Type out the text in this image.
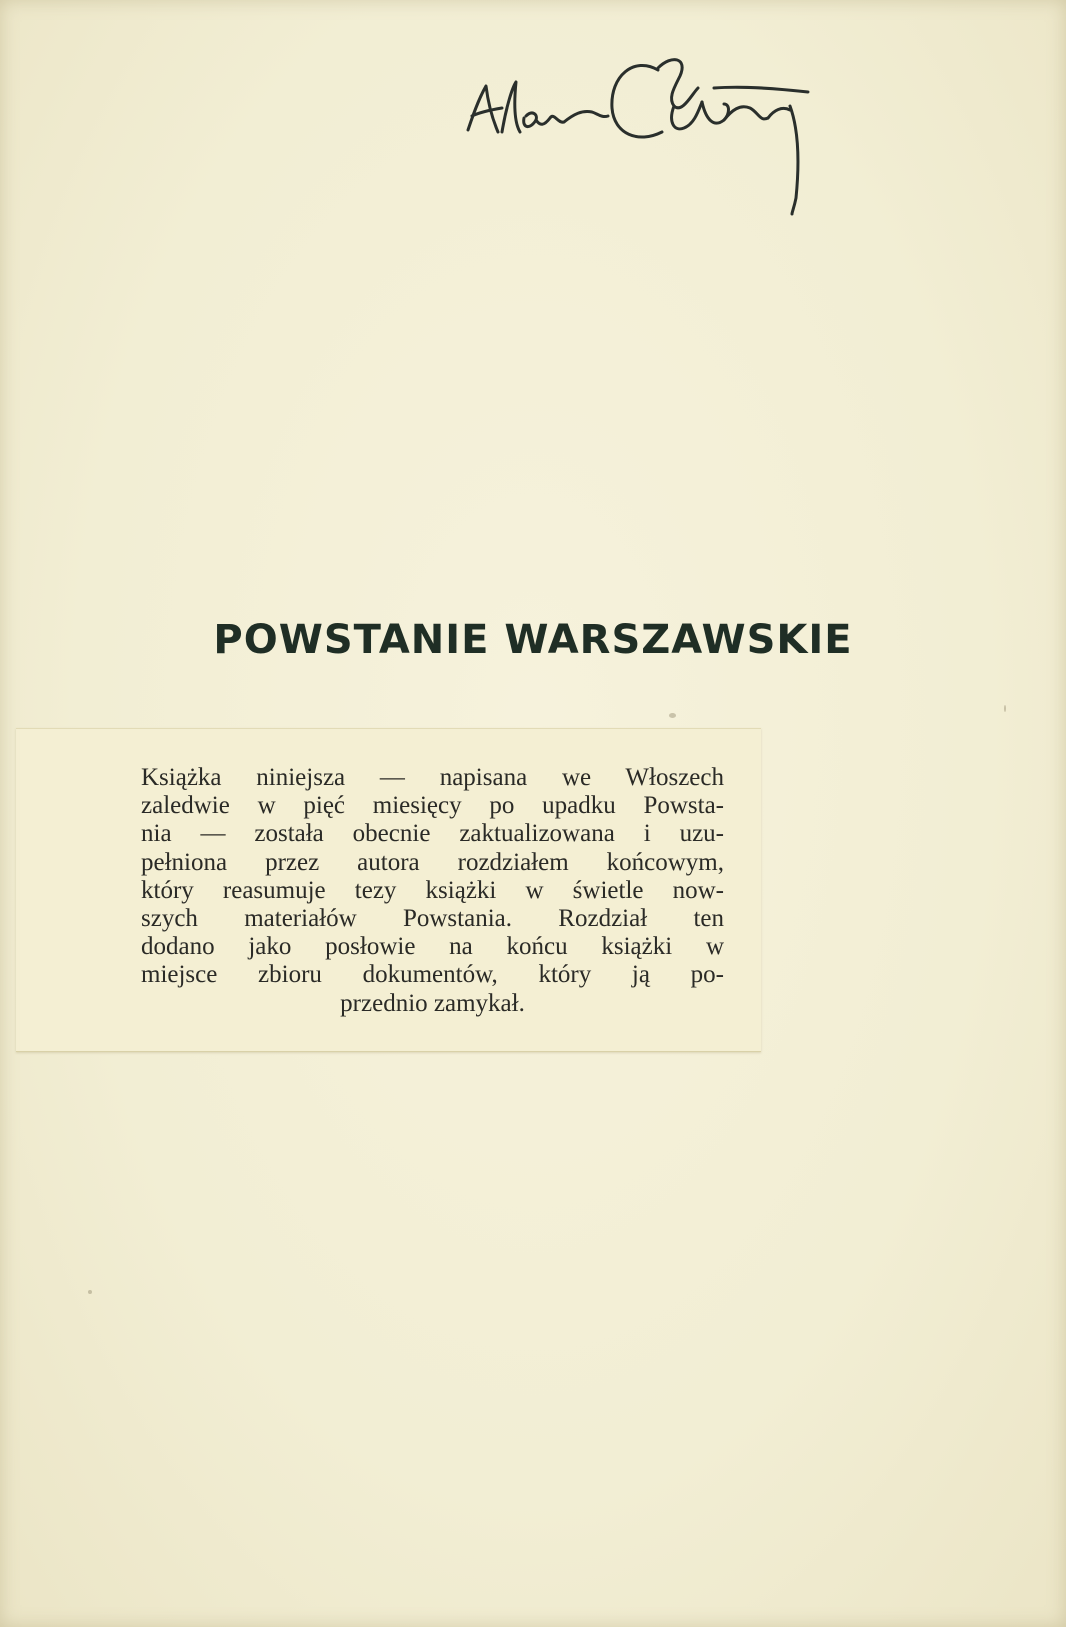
POWSTANIE WARSZAWSKIE
Książka niniejsza — napisana we Włoszech
zaledwie w pięć miesięcy po upadku Powsta-
nia — została obecnie zaktualizowana i uzu-
pełniona przez autora rozdziałem końcowym,
który reasumuje tezy książki w świetle now-
szych materiałów Powstania. Rozdział ten
dodano jako posłowie na końcu książki w
miejsce zbioru dokumentów, który ją po-
przednio zamykał.
